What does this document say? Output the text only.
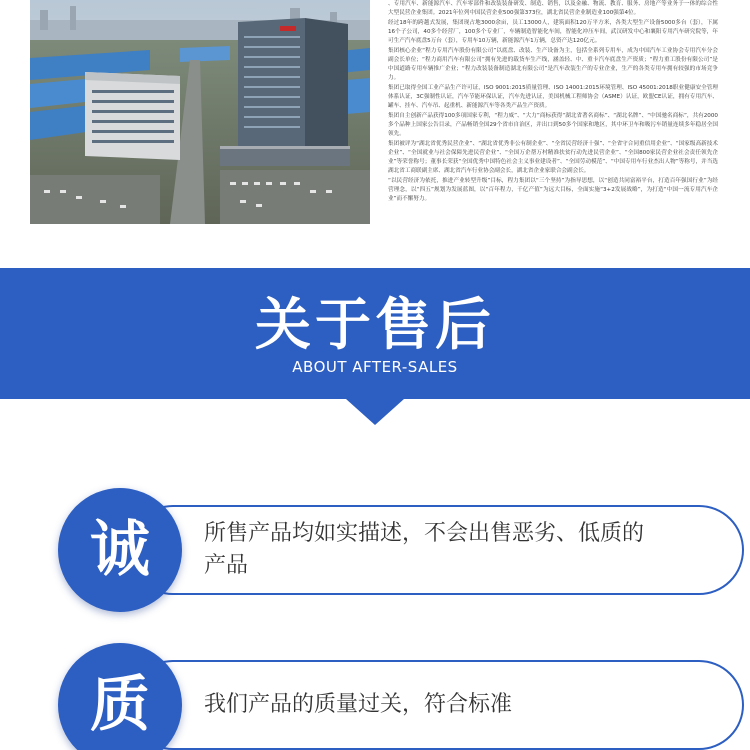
、专用汽车、新能源汽车、汽车零部件和改装装备研发、制造、销售，以及金融、物流、教育、服务、房地产等业务于一体的综合性大型民营企业集团。2021年位列中国民营企业500强第373位，湖北省民营企业制造业100强第4位。

经过18年的跨越式发展，集团现占地3000余亩，员工13000人，建筑面积120万平方米，各类大型生产设备5000多台（套），下属16个子公司，40多个经营厂，100多个专业厂，车辆制造智能化车间，智能化冲压车间，武汉研发中心和襄阳专用汽车研究院等，年可生产汽车底盘5万台（套），专用车10万辆，新能源汽车1万辆，总资产达120亿元。

集团核心企业“程力专用汽车股份有限公司”以底盘、改装、生产设备为主，包括全系列专用车，成为中国汽车工业协会专用汽车分会副会长单位；“程力商用汽车有限公司”拥有先进的载货车生产线，涵盖轻、中、重卡汽车底盘生产资质；“程力重工股份有限公司”是中国道路专用车辆推广企业；“程力改装装备制造湖北有限公司”是汽车改装生产的专业企业，生产的各类专用车拥有较强的市场竞争力。

集团已取得全国工业产品生产许可证，ISO 9001:2015质量管理、ISO 14001:2015环境管理、ISO 45001:2018职业健康安全管理体系认证，3C强制性认证，汽车节能环保认证，汽车先进认证，美国机械工程师协会（ASME）认证，欧盟CE认证，拥有专用汽车、罐车、挂车、汽车吊、起重机、新能源汽车等各类产品生产资质。

集团自主创新产品获得100多项国家专利，“程力威”、“大力”商标获得“湖北省著名商标”、“湖北名牌”、“中国驰名商标”，共有2000多个品种上国家公告目录，产品畅销全国29个省市自治区，并出口到50多个国家和地区，其中环卫车和吸污车销量连续多年稳居全国领先。

集团被评为“湖北省优秀民营企业”、“湖北省优秀非公有制企业”、“全省民营经济十强”、“全省守合同重信用企业”、“国家级高新技术企业”、“全国就业与社会保障先进民营企业”、“全国万企帮万村精准扶贫行动先进民营企业”、“全国800家民营企业社会责任领先企业”等荣誉称号；董事长荣获“全国优秀中国特色社会主义事业建设者”、“全国劳动模范”、“中国专用车行业杰出人物”等称号，并当选湖北省工商联副主席、湖北省汽车行业协会副会长，湖北省企业家联合会副会长。

“以民营经济为依托，推进产业转型升级”目标，程力集团以“三个坚持”为指导思想，以“创造共同富裕平台，打造百年强国行业”为经营理念，以“四五”规划为发展蓝图，以“百年程力，千亿产值”为远大目标，全面实施“3+2发展战略”，为打造“中国一流专用汽车企业”而不懈努力。

关于售后
ABOUT AFTER-SALES
诚	所售产品均如实描述，不会出售恶劣、低质的产品
质	我们产品的质量过关，符合标准
